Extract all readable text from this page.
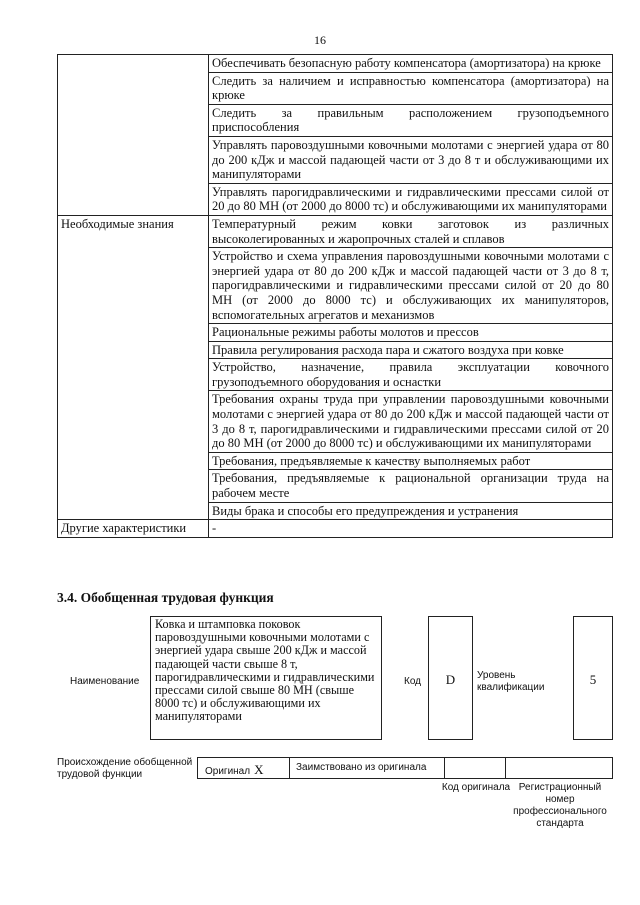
16
	Обеспечивать безопасную работу компенсатора (амортизатора) на крюке
	Следить за наличием и исправностью компенсатора (амортизатора) на крюке
	Следить за правильным расположением грузоподъемного приспособления
	Управлять паровоздушными ковочными молотами с энергией удара от 80 до 200 кДж и массой падающей части от 3 до 8 т и обслуживающими их манипуляторами
	Управлять парогидравлическими и гидравлическими прессами силой от 20 до 80 МН (от 2000 до 8000 тс) и обслуживающими их манипуляторами
Необходимые знания	Температурный режим ковки заготовок из различных высоколегированных и жаропрочных сталей и сплавов
	Устройство и схема управления паровоздушными ковочными молотами с энергией удара от 80 до 200 кДж и массой падающей части от 3 до 8 т, парогидравлическими и гидравлическими прессами силой от 20 до 80 МН (от 2000 до 8000 тс) и обслуживающих их манипуляторов, вспомогательных агрегатов и механизмов
	Рациональные режимы работы молотов и прессов
	Правила регулирования расхода пара и сжатого воздуха при ковке
	Устройство, назначение, правила эксплуатации ковочного грузоподъемного оборудования и оснастки
	Требования охраны труда при управлении паровоздушными ковочными молотами с энергией удара от 80 до 200 кДж и массой падающей части от 3 до 8 т, парогидравлическими и гидравлическими прессами силой от 20 до 80 МН (от 2000 до 8000 тс) и обслуживающими их манипуляторами
	Требования, предъявляемые к качеству выполняемых работ
	Требования, предъявляемые к рациональной организации труда на рабочем месте
	Виды брака и способы его предупреждения и устранения
Другие характеристики	-
3.4. Обобщенная трудовая функция
Наименование
Ковка и штамповка поковок паровоздушными ковочными молотами с энергией удара свыше 200 кДж и массой падающей части свыше 8 т, парогидравлическими и гидравлическими прессами силой свыше 80 МН (свыше 8000 тс) и обслуживающими их манипуляторами
Код	D	Уровень квалификации
5
Происхождение обобщенной трудовой функции	Оригинал X	Заимствовано из оригинала
Код оригинала Регистрационный номер профессионального стандарта
